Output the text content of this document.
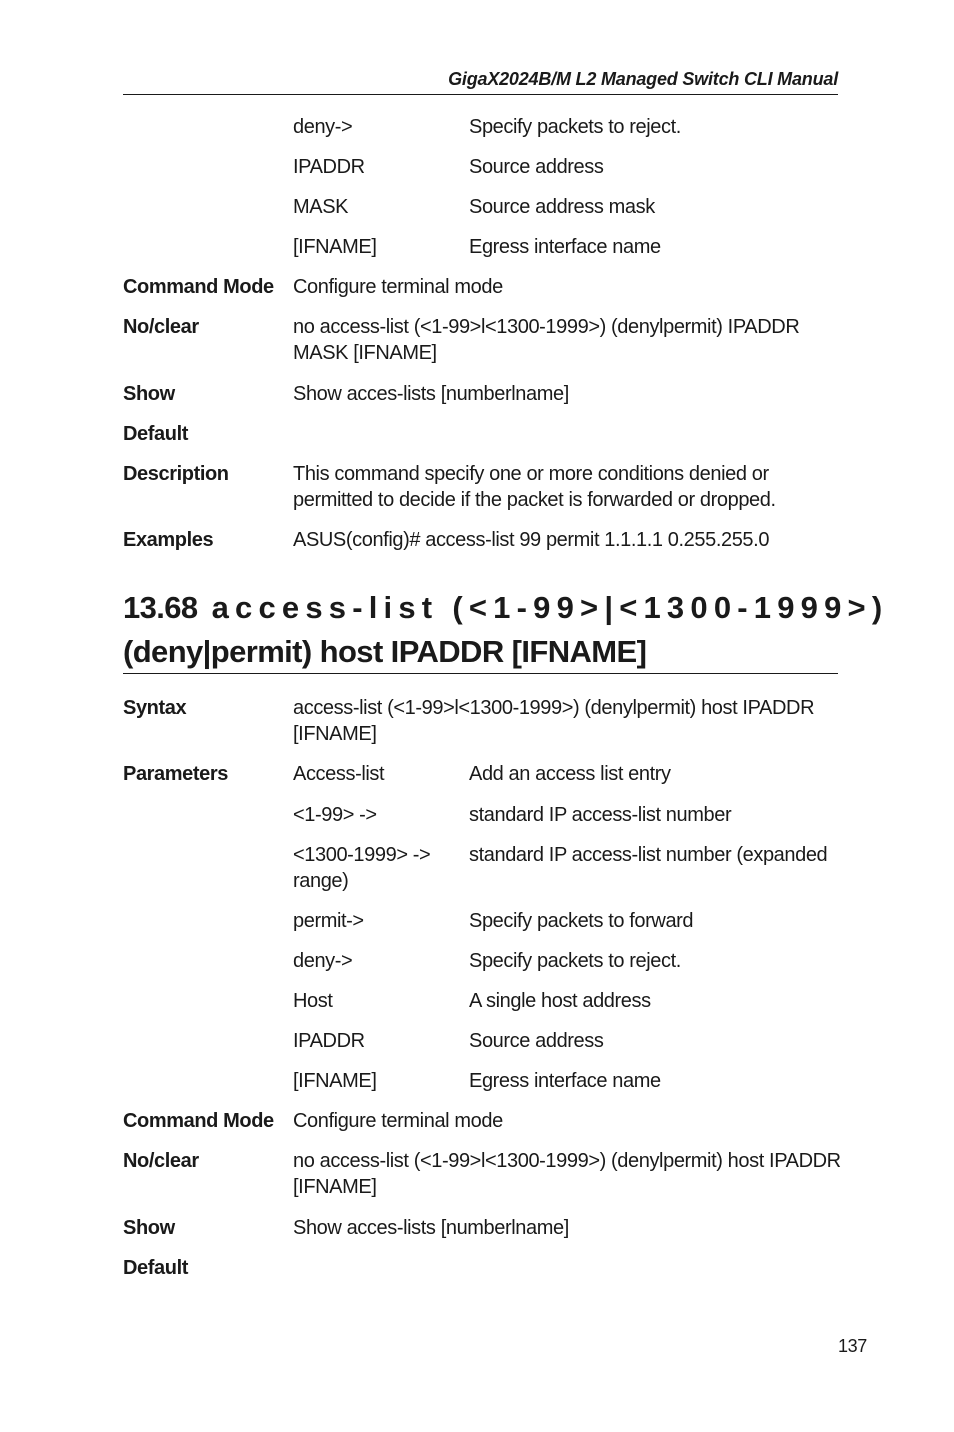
GigaX2024B/M L2 Managed Switch CLI Manual
deny->	Specify packets to reject.
IPADDR	Source address
MASK	Source address mask
[IFNAME]	Egress interface name
Command Mode Configure terminal mode
No/clear	no access-list (<1-99>l<1300-1999>) (denylpermit) IPADDR MASK [IFNAME]
Show	Show acces-lists [numberlname]
Default
Description	This command specify one or more conditions denied or permitted to decide if the packet is forwarded or dropped.
Examples	ASUS(config)# access-list 99 permit 1.1.1.1 0.255.255.0
13.68 access-list (<1-99>|<1300-1999>)
(deny|permit) host IPADDR [IFNAME]
Syntax	access-list (<1-99>l<1300-1999>) (denylpermit) host IPADDR [IFNAME]
Parameters	Access-list	Add an access list entry
<1-99> ->	standard IP access-list number
<1300-1999> -> standard IP access-list number (expanded
range)
permit->	Specify packets to forward
deny->	Specify packets to reject.
Host	A single host address
IPADDR	Source address
[IFNAME]	Egress interface name
Command Mode Configure terminal mode
No/clear	no access-list (<1-99>l<1300-1999>) (denylpermit) host IPADDR [IFNAME]
Show	Show acces-lists [numberlname]
Default
137
